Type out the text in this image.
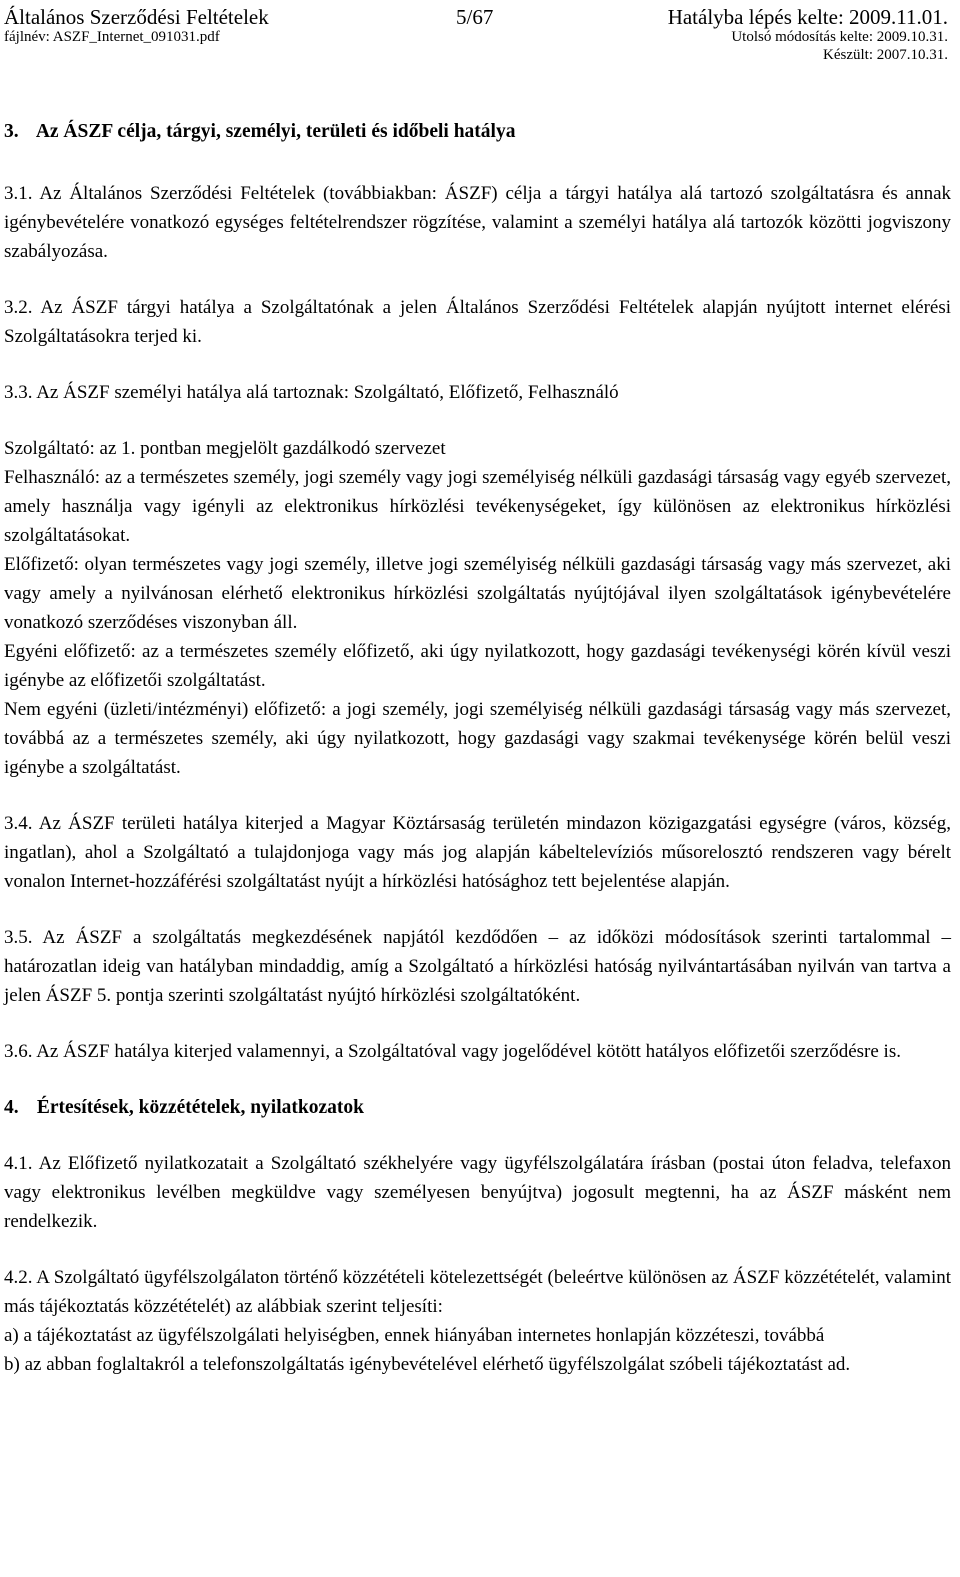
Általános Szerződési Feltételek
fájlnév: ASZF_Internet_091031.pdf
5/67	Hatályba lépés kelte: 2009.11.01.
Utolsó módosítás kelte: 2009.10.31.
Készült: 2007.10.31.
3. Az ÁSZF célja, tárgyi, személyi, területi és időbeli hatálya

3.1. Az Általános Szerződési Feltételek (továbbiakban: ÁSZF) célja a tárgyi hatálya alá tartozó szolgáltatásra és annak igénybevételére vonatkozó egységes feltételrendszer rögzítése, valamint a személyi hatálya alá tartozók közötti jogviszony szabályozása.

3.2. Az ÁSZF tárgyi hatálya a Szolgáltatónak a jelen Általános Szerződési Feltételek alapján nyújtott internet elérési Szolgáltatásokra terjed ki.

3.3. Az ÁSZF személyi hatálya alá tartoznak: Szolgáltató, Előfizető, Felhasználó

Szolgáltató: az 1. pontban megjelölt gazdálkodó szervezet

Felhasználó: az a természetes személy, jogi személy vagy jogi személyiség nélküli gazdasági társaság vagy egyéb szervezet, amely használja vagy igényli az elektronikus hírközlési tevékenységeket, így különösen az elektronikus hírközlési szolgáltatásokat.

Előfizető: olyan természetes vagy jogi személy, illetve jogi személyiség nélküli gazdasági társaság vagy más szervezet, aki vagy amely a nyilvánosan elérhető elektronikus hírközlési szolgáltatás nyújtójával ilyen szolgáltatások igénybevételére vonatkozó szerződéses viszonyban áll.

Egyéni előfizető: az a természetes személy előfizető, aki úgy nyilatkozott, hogy gazdasági tevékenységi körén kívül veszi igénybe az előfizetői szolgáltatást.

Nem egyéni (üzleti/intézményi) előfizető: a jogi személy, jogi személyiség nélküli gazdasági társaság vagy más szervezet, továbbá az a természetes személy, aki úgy nyilatkozott, hogy gazdasági vagy szakmai tevékenysége körén belül veszi igénybe a szolgáltatást.

3.4. Az ÁSZF területi hatálya kiterjed a Magyar Köztársaság területén mindazon közigazgatási egységre (város, község, ingatlan), ahol a Szolgáltató a tulajdonjoga vagy más jog alapján kábeltelevíziós műsorelosztó rendszeren vagy bérelt vonalon Internet-hozzáférési szolgáltatást nyújt a hírközlési hatósághoz tett bejelentése alapján.

3.5. Az ÁSZF a szolgáltatás megkezdésének napjától kezdődően – az időközi módosítások szerinti tartalommal – határozatlan ideig van hatályban mindaddig, amíg a Szolgáltató a hírközlési hatóság nyilvántartásában nyilván van tartva a jelen ÁSZF 5. pontja szerinti szolgáltatást nyújtó hírközlési szolgáltatóként.

3.6. Az ÁSZF hatálya kiterjed valamennyi, a Szolgáltatóval vagy jogelődével kötött hatályos előfizetői szerződésre is.

4. Értesítések, közzétételek, nyilatkozatok

4.1. Az Előfizető nyilatkozatait a Szolgáltató székhelyére vagy ügyfélszolgálatára írásban (postai úton feladva, telefaxon vagy elektronikus levélben megküldve vagy személyesen benyújtva) jogosult megtenni, ha az ÁSZF másként nem rendelkezik.

4.2. A Szolgáltató ügyfélszolgálaton történő közzétételi kötelezettségét (beleértve különösen az ÁSZF közzétételét, valamint más tájékoztatás közzétételét) az alábbiak szerint teljesíti:

a) a tájékoztatást az ügyfélszolgálati helyiségben, ennek hiányában internetes honlapján közzéteszi, továbbá

b) az abban foglaltakról a telefonszolgáltatás igénybevételével elérhető ügyfélszolgálat szóbeli tájékoztatást ad.
